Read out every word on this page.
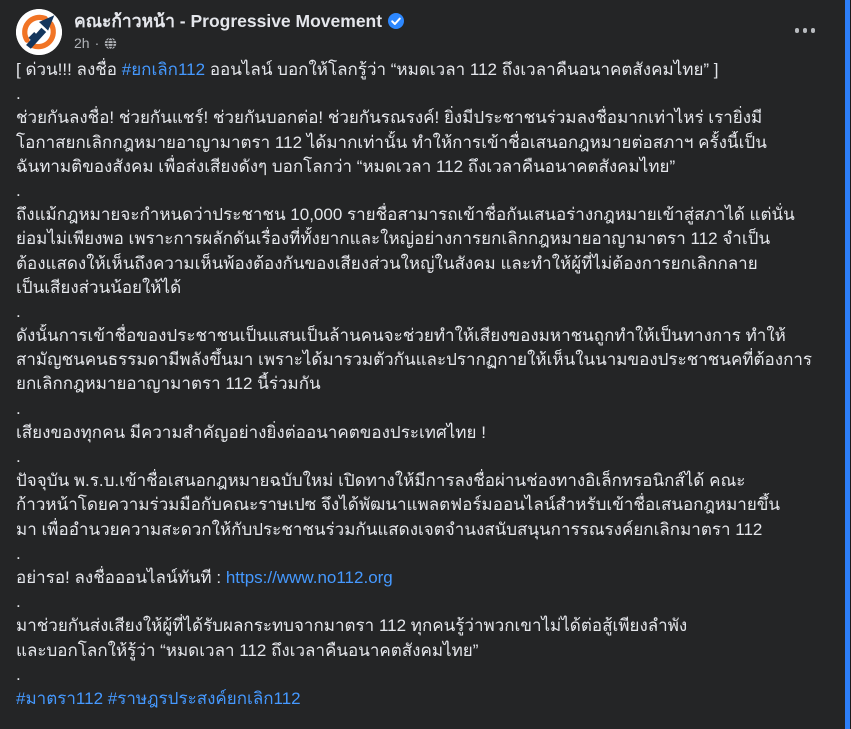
คณะก้าวหน้า - Progressive Movement
2h ·
[ ด่วน!!! ลงชื่อ #ยกเลิก112 ออนไลน์ บอกให้โลกรู้ว่า “หมดเวลา 112 ถึงเวลาคืนอนาคตสังคมไทย” ]
.
ช่วยกันลงชื่อ! ช่วยกันแชร์! ช่วยกันบอกต่อ! ช่วยกันรณรงค์! ยิ่งมีประชาชนร่วมลงชื่อมากเท่าไหร่ เรายิ่งมี
โอกาสยกเลิกกฎหมายอาญามาตรา 112 ได้มากเท่านั้น ทำให้การเข้าชื่อเสนอกฎหมายต่อสภาฯ ครั้งนี้เป็น
ฉันทามติของสังคม เพื่อส่งเสียงดังๆ บอกโลกว่า “หมดเวลา 112 ถึงเวลาคืนอนาคตสังคมไทย”
.
ถึงแม้กฎหมายจะกำหนดว่าประชาชน 10,000 รายชื่อสามารถเข้าชื่อกันเสนอร่างกฎหมายเข้าสู่สภาได้ แต่นั่น
ย่อมไม่เพียงพอ เพราะการผลักดันเรื่องที่ทั้งยากและใหญ่อย่างการยกเลิกกฎหมายอาญามาตรา 112 จำเป็น
ต้องแสดงให้เห็นถึงความเห็นพ้องต้องกันของเสียงส่วนใหญ่ในสังคม และทำให้ผู้ที่ไม่ต้องการยกเลิกกลาย
เป็นเสียงส่วนน้อยให้ได้
.
ดังนั้นการเข้าชื่อของประชาชนเป็นแสนเป็นล้านคนจะช่วยทำให้เสียงของมหาชนถูกทำให้เป็นทางการ ทำให้
สามัญชนคนธรรมดามีพลังขึ้นมา เพราะได้มารวมตัวกันและปรากฏกายให้เห็นในนามของประชาชนคที่ต้องการ
ยกเลิกกฎหมายอาญามาตรา 112 นี้ร่วมกัน
.
เสียงของทุกคน มีความสำคัญอย่างยิ่งต่ออนาคตของประเทศไทย !
.
ปัจจุบัน พ.ร.บ.เข้าชื่อเสนอกฎหมายฉบับใหม่ เปิดทางให้มีการลงชื่อผ่านช่องทางอิเล็กทรอนิกส์ได้ คณะ
ก้าวหน้าโดยความร่วมมือกับคณะราษเปซ จึงได้พัฒนาแพลตฟอร์มออนไลน์สำหรับเข้าชื่อเสนอกฎหมายขึ้น
มา เพื่ออำนวยความสะดวกให้กับประชาชนร่วมกันแสดงเจตจำนงสนับสนุนการรณรงค์ยกเลิกมาตรา 112
.
อย่ารอ! ลงชื่อออนไลน์ทันที : https://www.no112.org
.
มาช่วยกันส่งเสียงให้ผู้ที่ได้รับผลกระทบจากมาตรา 112 ทุกคนรู้ว่าพวกเขาไม่ได้ต่อสู้เพียงลำพัง
และบอกโลกให้รู้ว่า “หมดเวลา 112 ถึงเวลาคืนอนาคตสังคมไทย”
.
#มาตรา112 #ราษฎรประสงค์ยกเลิก112
